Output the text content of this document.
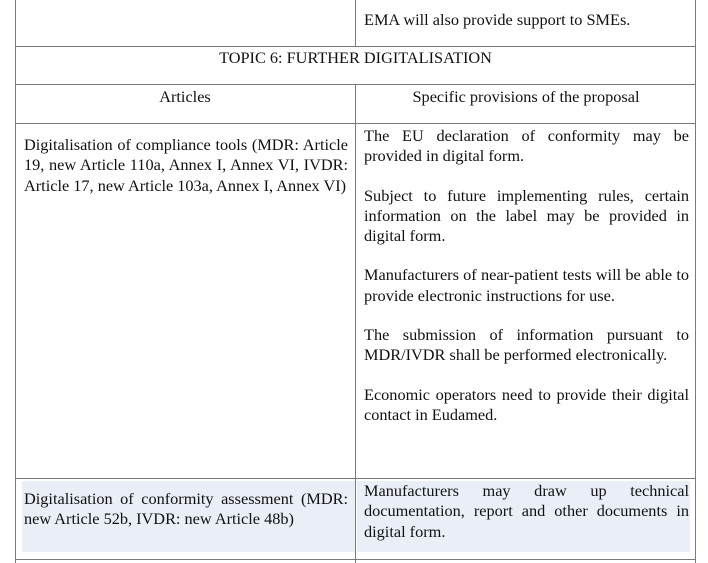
EMA will also provide support to SMEs.

TOPIC 6: FURTHER DIGITALISATION

Articles	Specific provisions of the proposal

Digitalisation of compliance tools (MDR: Article 19, new Article 110a, Annex I, Annex VI, IVDR: Article 17, new Article 103a, Annex I, Annex VI)

The EU declaration of conformity may be provided in digital form.

Subject to future implementing rules, certain information on the label may be provided in digital form.

Manufacturers of near-patient tests will be able to provide electronic instructions for use.

The submission of information pursuant to MDR/IVDR shall be performed electronically.

Economic operators need to provide their digital contact in Eudamed.

Digitalisation of conformity assessment (MDR: new Article 52b, IVDR: new Article 48b)

Manufacturers may draw up technical documentation, report and other documents in digital form.
